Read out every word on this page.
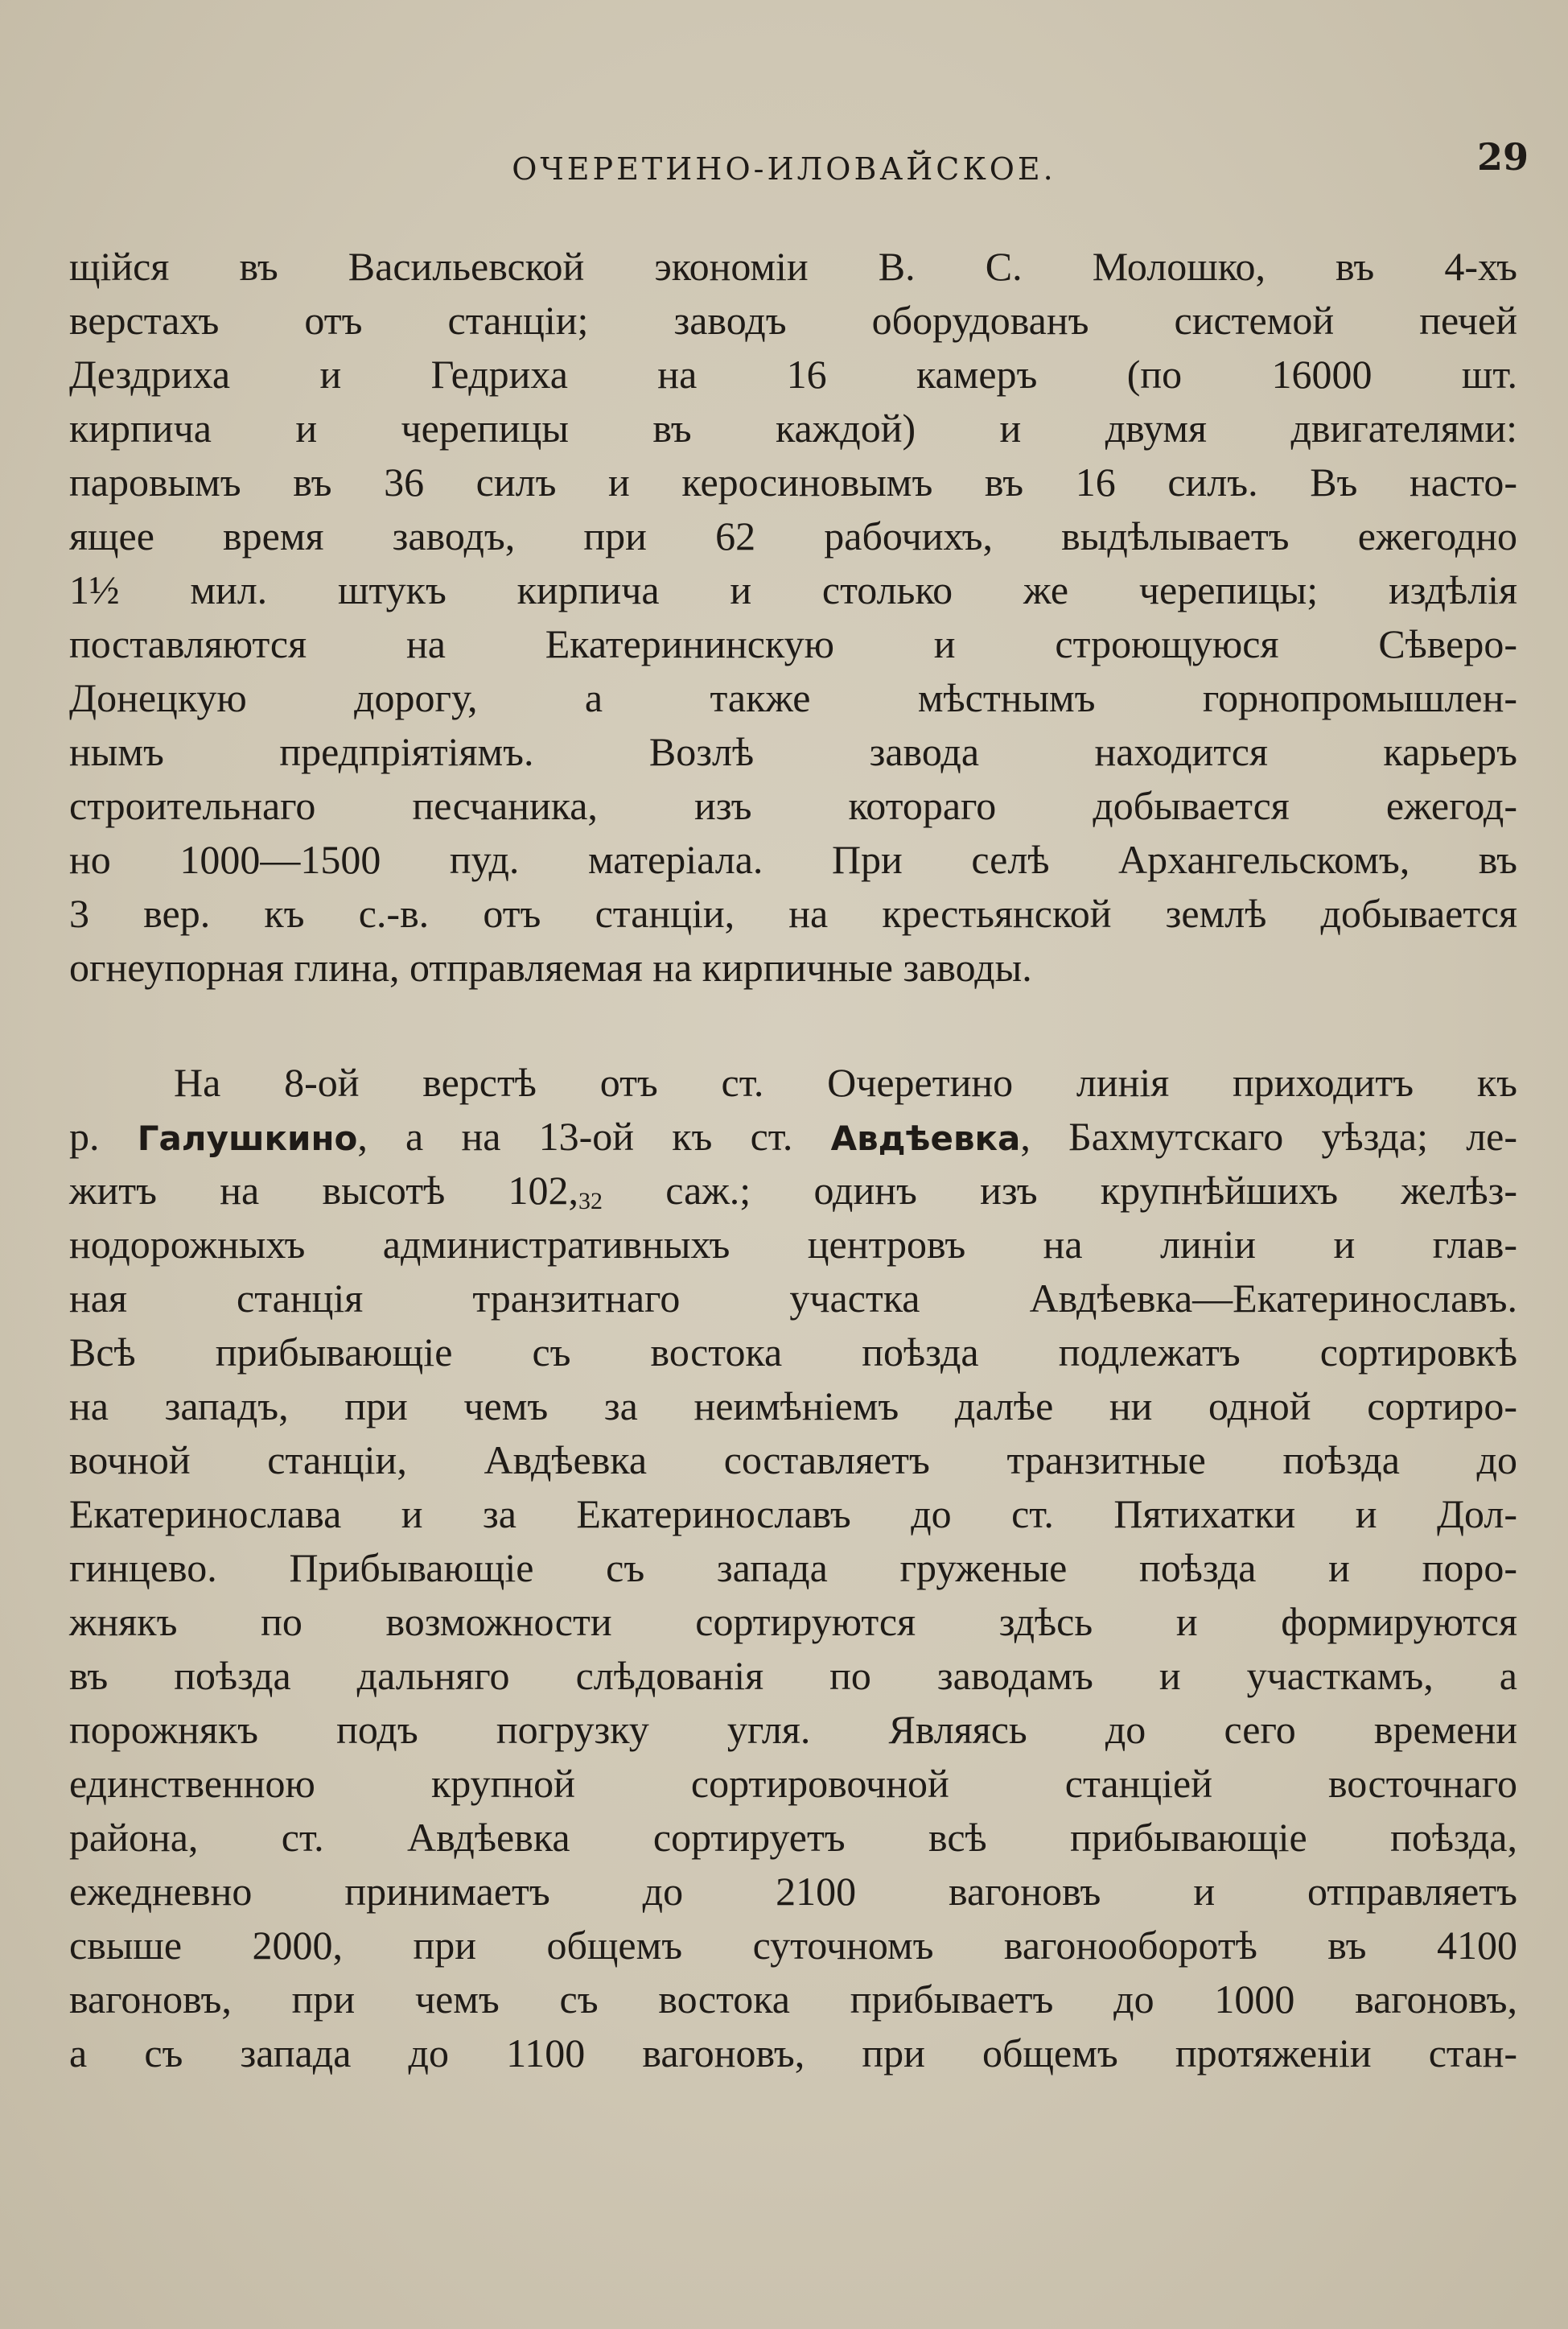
ОЧЕРЕТИНО-ИЛОВАЙСКОЕ.	29
щiйся въ Васильевской экономiи В. С. Молошко, въ 4-хъ
верстахъ отъ станцiи; заводъ оборудованъ системой печей
Дездриха и Гедриха на 16 камеръ (по 16000 шт.
кирпича и черепицы въ каждой) и двумя двигателями:
паровымъ въ 36 силъ и керосиновымъ въ 16 силъ. Въ насто-
ящее время заводъ, при 62 рабочихъ, выдѣлываетъ ежегодно
1½ мил. штукъ кирпича и столько же черепицы; издѣлiя
поставляются на Екатерининскую и строющуюся Сѣверо-
Донецкую дорогу, а также мѣстнымъ горнопромышлен-
нымъ предпрiятiямъ. Возлѣ завода находится карьеръ
строительнаго песчаника, изъ котораго добывается ежегод-
но 1000—1500 пуд. матерiала. При селѣ Архангельскомъ, въ
3 вер. къ с.-в. отъ станцiи, на крестьянской землѣ добывается
огнеупорная глина, отправляемая на кирпичные заводы.
На 8-ой верстѣ отъ ст. Очеретино линiя приходитъ къ
р. Галушкино, а на 13-ой къ ст. Авдѣевка, Бахмутскаго уѣзда; ле-
житъ на высотѣ $102,_{32}$ саж.; одинъ изъ крупнѣйшихъ желѣз-
нодорожныхъ административныхъ центровъ на линiи и глав-
ная станцiя транзитнаго участка Авдѣевка—Екатеринославъ.
Всѣ прибывающiе съ востока поѣзда подлежатъ сортировкѣ
на западъ, при чемъ за неимѣнiемъ далѣе ни одной сортиро-
вочной станцiи, Авдѣевка составляетъ транзитные поѣзда до
Екатеринослава и за Екатеринославъ до ст. Пятихатки и Дол-
гинцево. Прибывающiе съ запада груженые поѣзда и поро-
жнякъ по возможности сортируются здѣсь и формируются
въ поѣзда дальняго слѣдованiя по заводамъ и участкамъ, а
порожнякъ подъ погрузку угля. Являясь до сего времени
единственною крупной сортировочной станцiей восточнаго
района, ст. Авдѣевка сортируетъ всѣ прибывающiе поѣзда,
ежедневно принимаетъ до 2100 вагоновъ и отправляетъ
свыше 2000, при общемъ суточномъ вагонооборотѣ въ 4100
вагоновъ, при чемъ съ востока прибываетъ до 1000 вагоновъ,
а съ запада до 1100 вагоновъ, при общемъ протяженiи стан-
